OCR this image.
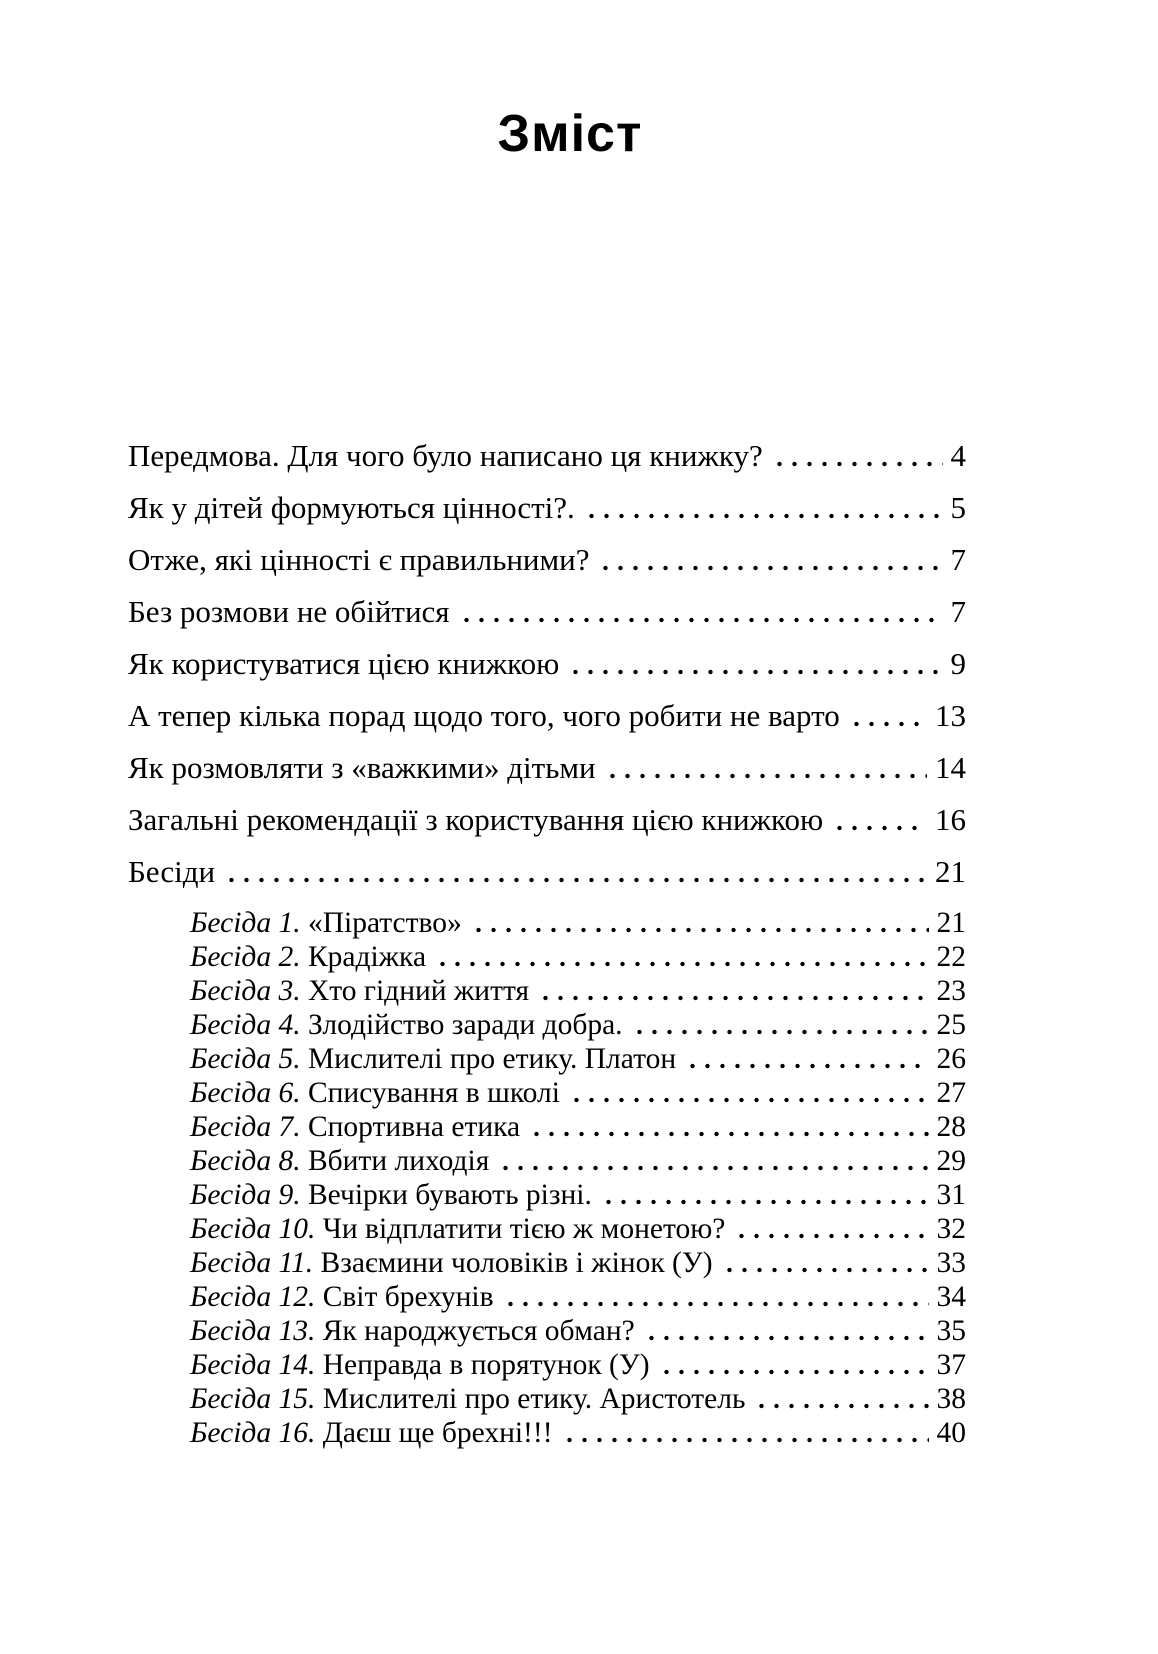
Зміст
Передмова. Для чого було написано ця книжку?	4
Як у дітей формуються цінності?.	5
Отже, які цінності є правильними?	7
Без розмови не обійтися	7
Як користуватися цією книжкою	9
А тепер кілька порад щодо того, чого робити не варто	13
Як розмовляти з «важкими» дітьми	14
Загальні рекомендації з користування цією книжкою	16
Бесіди	21
Бесіда 1. «Піратство»	21
Бесіда 2. Крадіжка	22
Бесіда 3. Хто гідний життя	23
Бесіда 4. Злодійство заради добра.	25
Бесіда 5. Мислителі про етику. Платон	26
Бесіда 6. Списування в школі	27
Бесіда 7. Спортивна етика	28
Бесіда 8. Вбити лиходія	29
Бесіда 9. Вечірки бувають різні.	31
Бесіда 10. Чи відплатити тією ж монетою?	32
Бесіда 11. Взаємини чоловіків і жінок (У)	33
Бесіда 12. Світ брехунів	34
Бесіда 13. Як народжується обман?	35
Бесіда 14. Неправда в порятунок (У)	37
Бесіда 15. Мислителі про етику. Аристотель	38
Бесіда 16. Даєш ще брехні!!!	40
